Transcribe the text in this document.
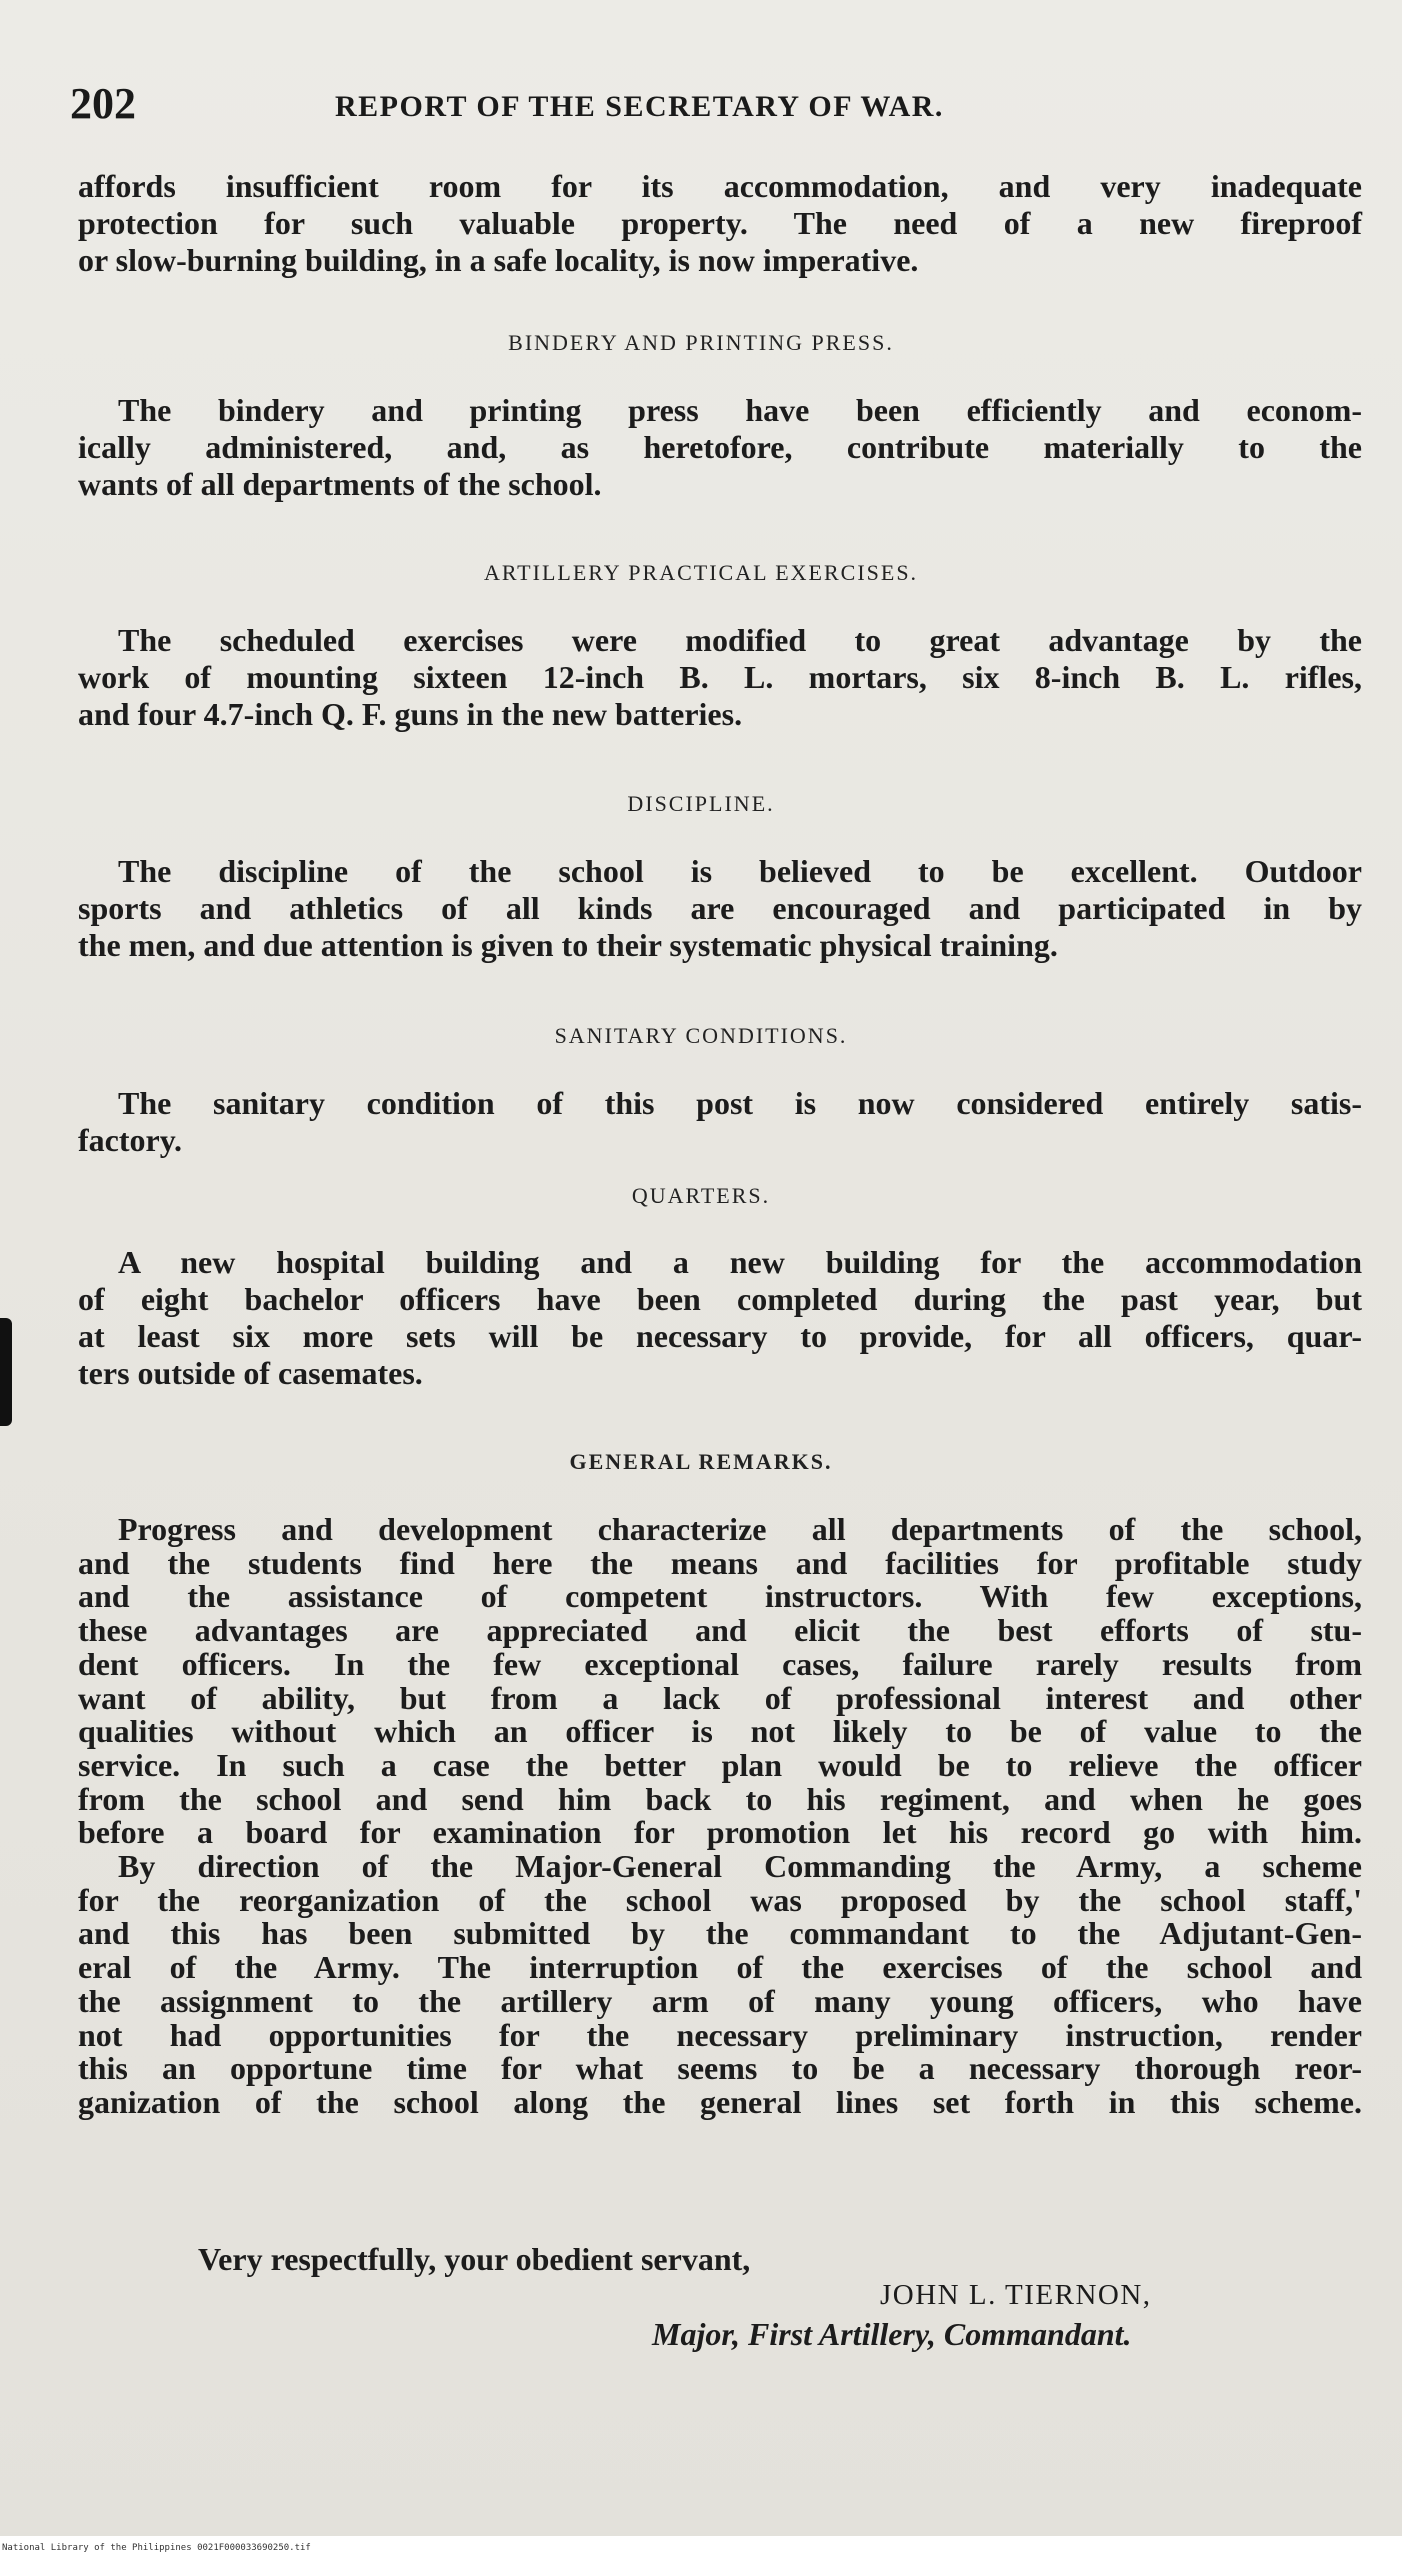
202	REPORT OF THE SECRETARY OF WAR.
affords insufficient room for its accommodation, and very inadequate
protection for such valuable property. The need of a new fireproof
or slow-burning building, in a safe locality, is now imperative.
BINDERY AND PRINTING PRESS.
The bindery and printing press have been efficiently and econom-
ically administered, and, as heretofore, contribute materially to the
wants of all departments of the school.
ARTILLERY PRACTICAL EXERCISES.
The scheduled exercises were modified to great advantage by the
work of mounting sixteen 12-inch B. L. mortars, six 8-inch B. L. rifles,
and four 4.7-inch Q. F. guns in the new batteries.
DISCIPLINE.
The discipline of the school is believed to be excellent. Outdoor
sports and athletics of all kinds are encouraged and participated in by
the men, and due attention is given to their systematic physical training.
SANITARY CONDITIONS.
The sanitary condition of this post is now considered entirely satis-
factory.
QUARTERS.
A new hospital building and a new building for the accommodation
of eight bachelor officers have been completed during the past year, but
at least six more sets will be necessary to provide, for all officers, quar-
ters outside of casemates.
GENERAL REMARKS.
Progress and development characterize all departments of the school,
and the students find here the means and facilities for profitable study
and the assistance of competent instructors. With few exceptions,
these advantages are appreciated and elicit the best efforts of stu-
dent officers. In the few exceptional cases, failure rarely results from
want of ability, but from a lack of professional interest and other
qualities without which an officer is not likely to be of value to the
service. In such a case the better plan would be to relieve the officer
from the school and send him back to his regiment, and when he goes
before a board for examination for promotion let his record go with him.
By direction of the Major-General Commanding the Army, a scheme
for the reorganization of the school was proposed by the school staff,'
and this has been submitted by the commandant to the Adjutant-Gen-
eral of the Army. The interruption of the exercises of the school and
the assignment to the artillery arm of many young officers, who have
not had opportunities for the necessary preliminary instruction, render
this an opportune time for what seems to be a necessary thorough reor-
ganization of the school along the general lines set forth in this scheme.
Very respectfully, your obedient servant,
JOHN L. TIERNON,
Major, First Artillery, Commandant.
National Library of the Philippines 0021F000033690250.tif
